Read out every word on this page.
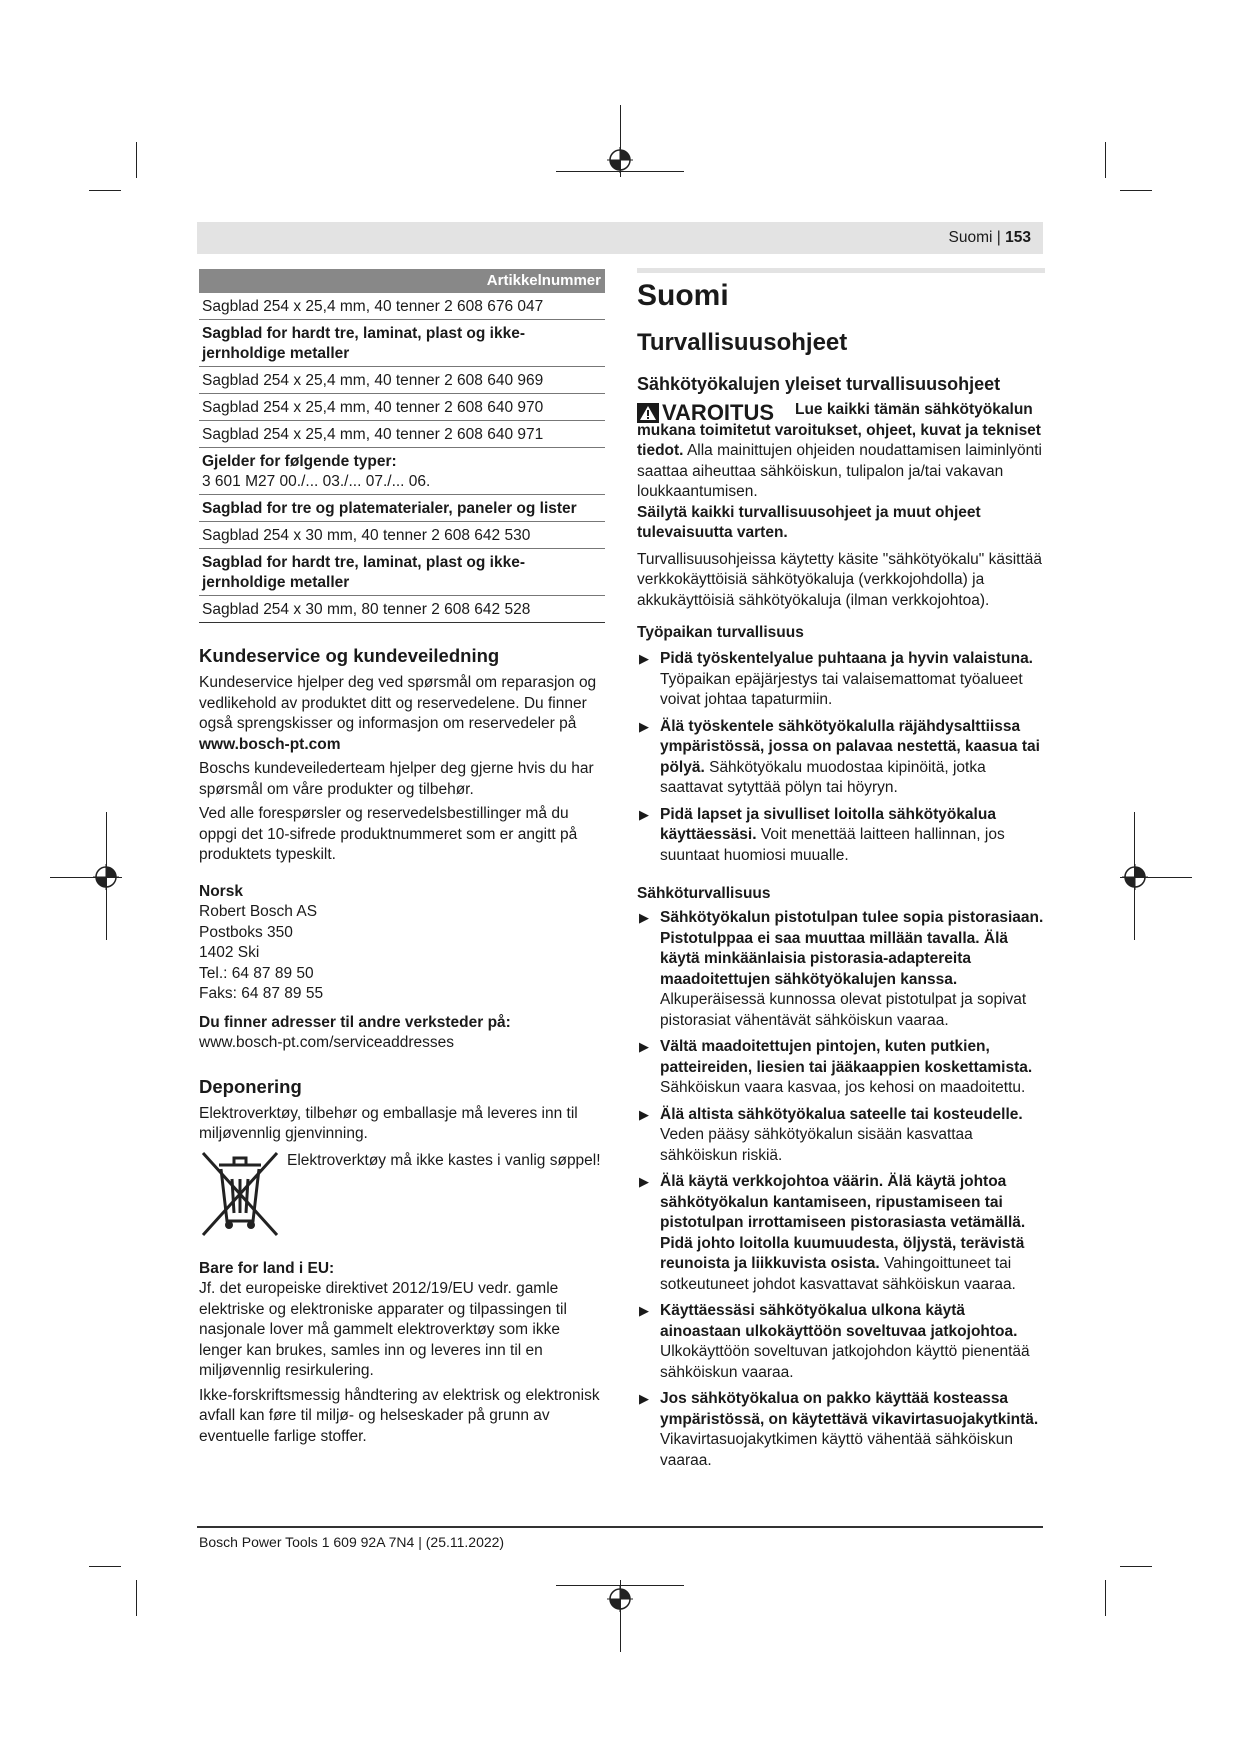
Suomi | 153
Artikkelnummer
Sagblad 254 x 25,4 mm, 40 tenner 2 608 676 047
Sagblad for hardt tre, laminat, plast og ikke-jernholdige metaller
Sagblad 254 x 25,4 mm, 40 tenner 2 608 640 969
Sagblad 254 x 25,4 mm, 40 tenner 2 608 640 970
Sagblad 254 x 25,4 mm, 40 tenner 2 608 640 971
Gjelder for følgende typer:
3 601 M27 00./... 03./... 07./... 06.
Sagblad for tre og platematerialer, paneler og lister
Sagblad 254 x 30 mm, 40 tenner 2 608 642 530
Sagblad for hardt tre, laminat, plast og ikke-jernholdige metaller
Sagblad 254 x 30 mm, 80 tenner 2 608 642 528
Kundeservice og kundeveiledning

Kundeservice hjelper deg ved spørsmål om reparasjon og vedlikehold av produktet ditt og reservedelene. Du finner også sprengskisser og informasjon om reservedeler på

www.bosch-pt.com

Boschs kundeveilederteam hjelper deg gjerne hvis du har spørsmål om våre produkter og tilbehør.

Ved alle forespørsler og reservedelsbestillinger må du oppgi det 10-sifrede produktnummeret som er angitt på produktets typeskilt.

Norsk

Robert Bosch AS
Postboks 350
1402 Ski
Tel.: 64 87 89 50
Faks: 64 87 89 55

Du finner adresser til andre verksteder på:

www.bosch-pt.com/serviceaddresses

Deponering

Elektroverktøy, tilbehør og emballasje må leveres inn til miljøvennlig gjenvinning.

Elektroverktøy må ikke kastes i vanlig søppel!

Bare for land i EU:

Jf. det europeiske direktivet 2012/19/EU vedr. gamle elektriske og elektroniske apparater og tilpassingen til nasjonale lover må gammelt elektroverktøy som ikke lenger kan brukes, samles inn og leveres inn til en miljøvennlig resirkulering.

Ikke-forskriftsmessig håndtering av elektrisk og elektronisk avfall kan føre til miljø- og helseskader på grunn av eventuelle farlige stoffer.

Suomi
Turvallisuusohjeet
Sähkötyökalujen yleiset turvallisuusohjeet
VAROITUS	Lue kaikki tämän sähkötyökalun mukana toimitetut varoitukset, ohjeet, kuvat ja tekniset tiedot. Alla mainittujen ohjeiden noudattamisen laiminlyönti saattaa aiheuttaa sähköiskun, tulipalon ja/tai vakavan loukkaantumisen.

Säilytä kaikki turvallisuusohjeet ja muut ohjeet tulevaisuutta varten.

Turvallisuusohjeissa käytetty käsite "sähkötyökalu" käsittää verkkokäyttöisiä sähkötyökaluja (verkkojohdolla) ja akkukäyttöisiä sähkötyökaluja (ilman verkkojohtoa).

Työpaikan turvallisuus
▶ Pidä työskentelyalue puhtaana ja hyvin valaistuna. Työpaikan epäjärjestys tai valaisemattomat työalueet voivat johtaa tapaturmiin.
▶ Älä työskentele sähkötyökalulla räjähdysalttiissa ympäristössä, jossa on palavaa nestettä, kaasua tai pölyä. Sähkötyökalu muodostaa kipinöitä, jotka saattavat sytyttää pölyn tai höyryn.
▶ Pidä lapset ja sivulliset loitolla sähkötyökalua käyttäessäsi. Voit menettää laitteen hallinnan, jos suuntaat huomiosi muualle.
Sähköturvallisuus
▶ Sähkötyökalun pistotulpan tulee sopia pistorasiaan. Pistotulppaa ei saa muuttaa millään tavalla. Älä käytä minkäänlaisia pistorasia-adaptereita maadoitettujen sähkötyökalujen kanssa. Alkuperäisessä kunnossa olevat pistotulpat ja sopivat pistorasiat vähentävät sähköiskun vaaraa.
▶ Vältä maadoitettujen pintojen, kuten putkien, patteireiden, liesien tai jääkaappien koskettamista. Sähköiskun vaara kasvaa, jos kehosi on maadoitettu.
▶ Älä altista sähkötyökalua sateelle tai kosteudelle. Veden pääsy sähkötyökalun sisään kasvattaa sähköiskun riskiä.
▶ Älä käytä verkkojohtoa väärin. Älä käytä johtoa sähkötyökalun kantamiseen, ripustamiseen tai pistotulpan irrottamiseen pistorasiasta vetämällä. Pidä johto loitolla kuumuudesta, öljystä, terävistä reunoista ja liikkuvista osista. Vahingoittuneet tai sotkeutuneet johdot kasvattavat sähköiskun vaaraa.
▶ Käyttäessäsi sähkötyökalua ulkona käytä ainoastaan ulkokäyttöön soveltuvaa jatkojohtoa. Ulkokäyttöön soveltuvan jatkojohdon käyttö pienentää sähköiskun vaaraa.
▶ Jos sähkötyökalua on pakko käyttää kosteassa ympäristössä, on käytettävä vikavirtasuojakytkintä. Vikavirtasuojakytkimen käyttö vähentää sähköiskun vaaraa.
Bosch Power Tools 1 609 92A 7N4 | (25.11.2022)
